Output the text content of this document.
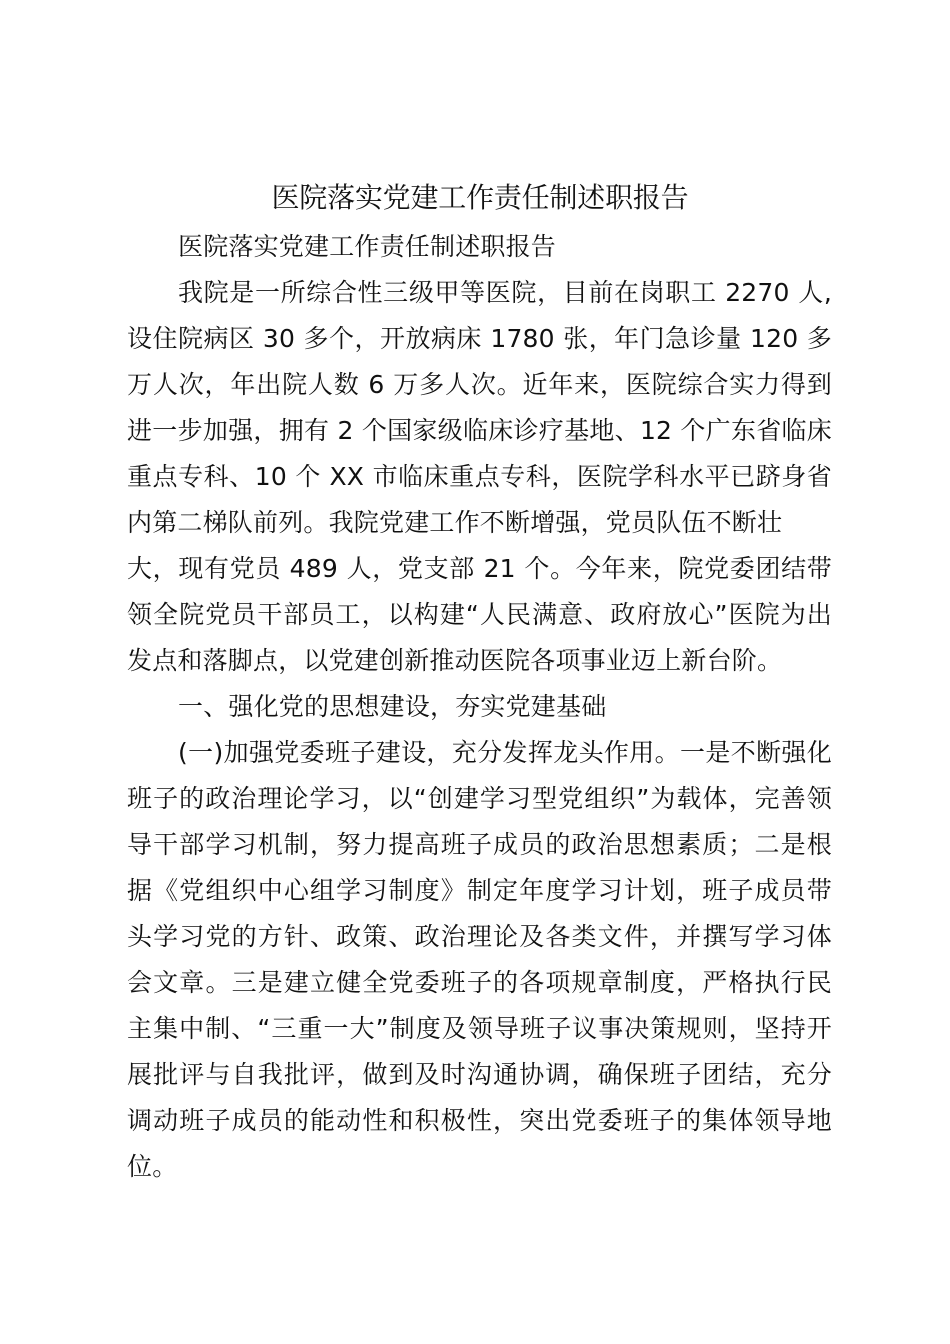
医院落实党建工作责任制述职报告
医院落实党建工作责任制述职报告
我院是一所综合性三级甲等医院，目前在岗职工 2270 人,
设住院病区 30 多个，开放病床 1780 张，年门急诊量 120 多
万人次，年出院人数 6 万多人次。近年来，医院综合实力得到
进一步加强，拥有 2 个国家级临床诊疗基地、12 个广东省临床
重点专科、10 个 XX 市临床重点专科，医院学科水平已跻身省
内第二梯队前列。我院党建工作不断增强，党员队伍不断壮
大，现有党员 489 人，党支部 21 个。今年来，院党委团结带
领全院党员干部员工，以构建“人民满意、政府放心”医院为出
发点和落脚点，以党建创新推动医院各项事业迈上新台阶。
一、强化党的思想建设，夯实党建基础
(一)加强党委班子建设，充分发挥龙头作用。一是不断强化
班子的政治理论学习，以“创建学习型党组织”为载体，完善领
导干部学习机制，努力提高班子成员的政治思想素质；二是根
据《党组织中心组学习制度》制定年度学习计划，班子成员带
头学习党的方针、政策、政治理论及各类文件，并撰写学习体
会文章。三是建立健全党委班子的各项规章制度，严格执行民
主集中制、“三重一大”制度及领导班子议事决策规则，坚持开
展批评与自我批评，做到及时沟通协调，确保班子团结，充分
调动班子成员的能动性和积极性，突出党委班子的集体领导地
位。
